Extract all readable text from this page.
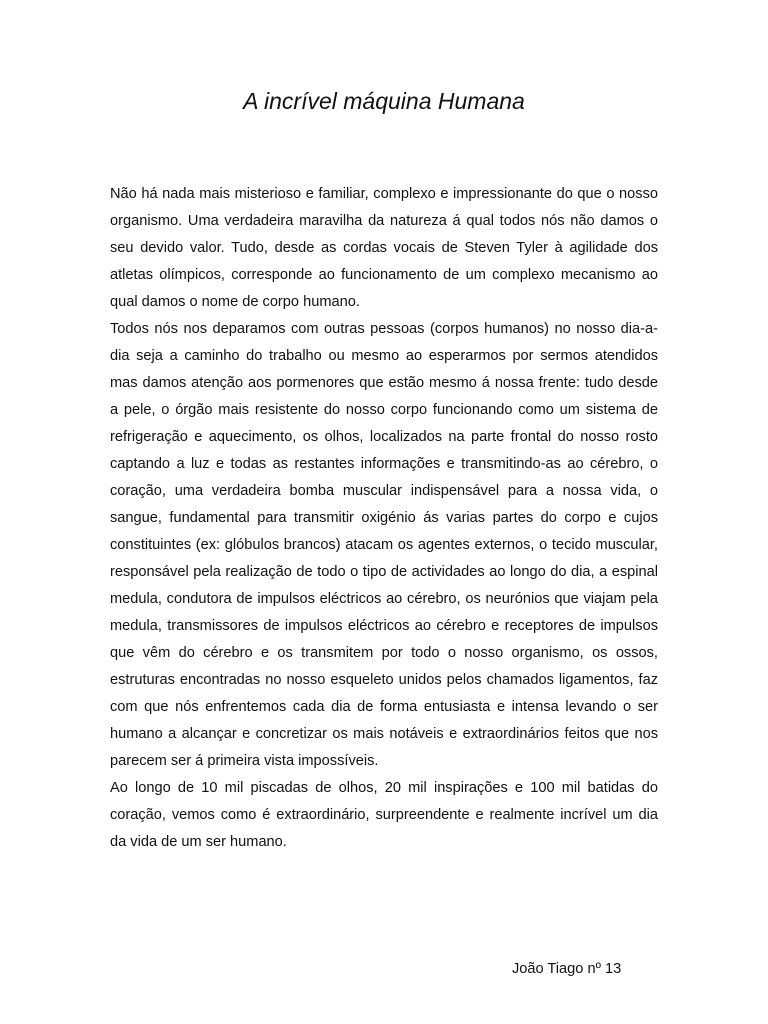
A incrível máquina Humana

Não há nada mais misterioso e familiar, complexo e impressionante do que o nosso organismo. Uma verdadeira maravilha da natureza á qual todos nós não damos o seu devido valor. Tudo, desde as cordas vocais de Steven Tyler à agilidade dos atletas olímpicos, corresponde ao funcionamento de um complexo mecanismo ao qual damos o nome de corpo humano.

Todos nós nos deparamos com outras pessoas (corpos humanos) no nosso dia-a-dia seja a caminho do trabalho ou mesmo ao esperarmos por sermos atendidos mas damos atenção aos pormenores que estão mesmo á nossa frente: tudo desde a pele, o órgão mais resistente do nosso corpo funcionando como um sistema de refrigeração e aquecimento, os olhos, localizados na parte frontal do nosso rosto captando a luz e todas as restantes informações e transmitindo-as ao cérebro, o coração, uma verdadeira bomba muscular indispensável para a nossa vida, o sangue, fundamental para transmitir oxigénio ás varias partes do corpo e cujos constituintes (ex: glóbulos brancos) atacam os agentes externos, o tecido muscular, responsável pela realização de todo o tipo de actividades ao longo do dia, a espinal medula, condutora de impulsos eléctricos ao cérebro, os neurónios que viajam pela medula, transmissores de impulsos eléctricos ao cérebro e receptores de impulsos que vêm do cérebro e os transmitem por todo o nosso organismo, os ossos, estruturas encontradas no nosso esqueleto unidos pelos chamados ligamentos, faz com que nós enfrentemos cada dia de forma entusiasta e intensa levando o ser humano a alcançar e concretizar os mais notáveis e extraordinários feitos que nos parecem ser á primeira vista impossíveis.

Ao longo de 10 mil piscadas de olhos, 20 mil inspirações e 100 mil batidas do coração, vemos como é extraordinário, surpreendente e realmente incrível um dia da vida de um ser humano.

João Tiago nº 13
